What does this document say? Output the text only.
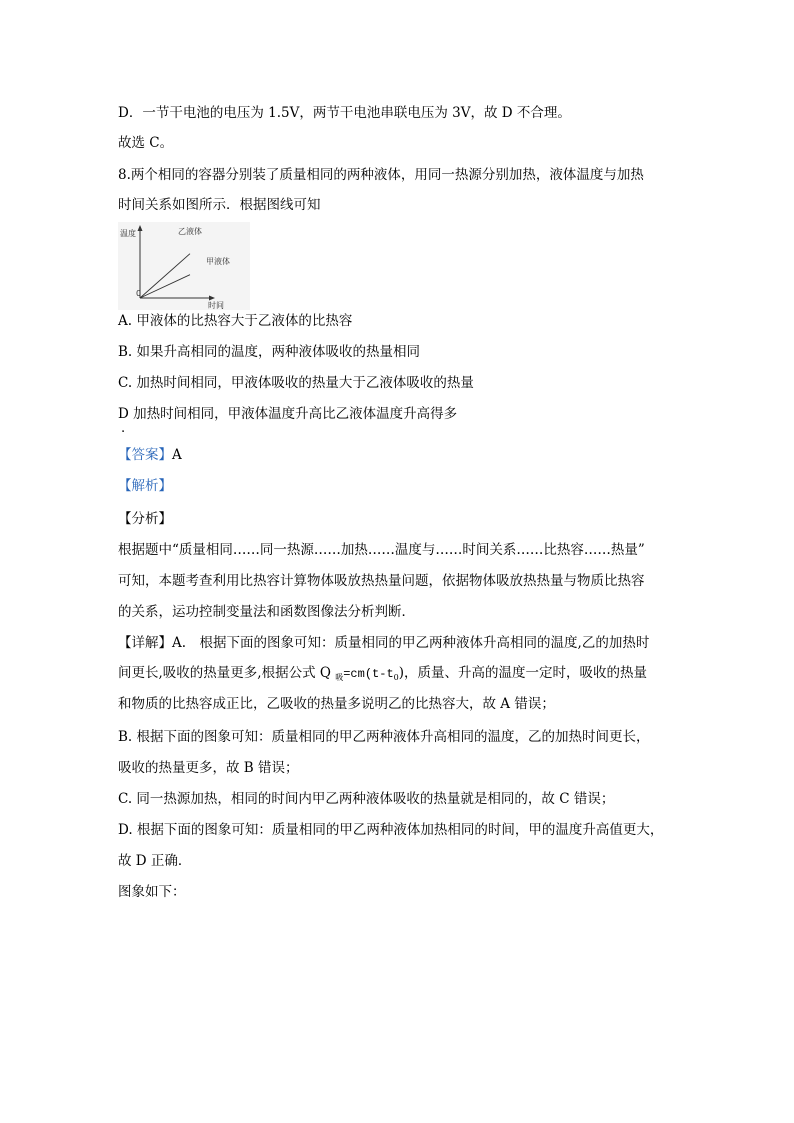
D．一节干电池的电压为 1.5V，两节干电池串联电压为 3V，故 D 不合理。
故选 C。
8.两个相同的容器分别装了质量相同的两种液体，用同一热源分别加热，液体温度与加热
时间关系如图所示．根据图线可知
温度
时间
0
乙液体
甲液体
A. 甲液体的比热容大于乙液体的比热容
B. 如果升高相同的温度，两种液体吸收的热量相同
C. 加热时间相同，甲液体吸收的热量大于乙液体吸收的热量
D 加热时间相同，甲液体温度升高比乙液体温度升高得多
.
【答案】A
【解析】
【分析】
根据题中“质量相同……同一热源……加热……温度与……时间关系……比热容……热量”
可知，本题考查利用比热容计算物体吸放热热量问题，依据物体吸放热热量与物质比热容
的关系，运功控制变量法和函数图像法分析判断．
【详解】A.　根据下面的图象可知：质量相同的甲乙两种液体升高相同的温度,乙的加热时
间更长,吸收的热量更多,根据公式 Q $_吸=cm(t-t_0)$，质量、升高的温度一定时，吸收的热量
和物质的比热容成正比，乙吸收的热量多说明乙的比热容大，故 A 错误；
B. 根据下面的图象可知：质量相同的甲乙两种液体升高相同的温度，乙的加热时间更长，
吸收的热量更多，故 B 错误；
C. 同一热源加热，相同的时间内甲乙两种液体吸收的热量就是相同的，故 C 错误；
D. 根据下面的图象可知：质量相同的甲乙两种液体加热相同的时间，甲的温度升高值更大，
故 D 正确．
图象如下：
